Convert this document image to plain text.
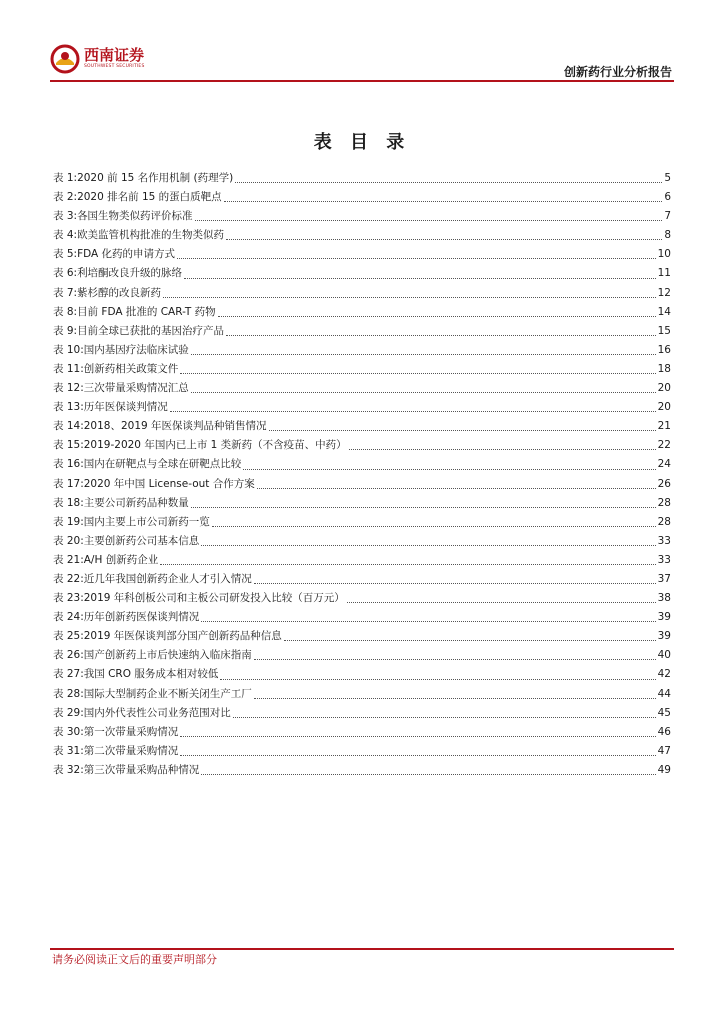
西南证券
SOUTHWEST SECURITIES	创新药行业分析报告
表 目 录
表 1: 2020 前 15 名作用机制 (药理学)	5
表 2: 2020 排名前 15 的蛋白质靶点	6
表 3: 各国生物类似药评价标准	7
表 4: 欧美监管机构批准的生物类似药	8
表 5: FDA 化药的申请方式	10
表 6: 利培酮改良升级的脉络	11
表 7: 紫杉醇的改良新药	12
表 8: 目前 FDA 批准的 CAR-T 药物	14
表 9: 目前全球已获批的基因治疗产品	15
表 10: 国内基因疗法临床试验	16
表 11: 创新药相关政策文件	18
表 12: 三次带量采购情况汇总	20
表 13: 历年医保谈判情况	20
表 14: 2018、2019 年医保谈判品种销售情况	21
表 15: 2019-2020 年国内已上市 1 类新药（不含疫苗、中药）	22
表 16: 国内在研靶点与全球在研靶点比较	24
表 17: 2020 年中国 License-out 合作方案	26
表 18: 主要公司新药品种数量	28
表 19: 国内主要上市公司新药一览	28
表 20: 主要创新药公司基本信息	33
表 21: A/H 创新药企业	33
表 22: 近几年我国创新药企业人才引入情况	37
表 23: 2019 年科创板公司和主板公司研发投入比较（百万元）	38
表 24: 历年创新药医保谈判情况	39
表 25: 2019 年医保谈判部分国产创新药品种信息	39
表 26: 国产创新药上市后快速纳入临床指南	40
表 27: 我国 CRO 服务成本相对较低	42
表 28: 国际大型制药企业不断关闭生产工厂	44
表 29: 国内外代表性公司业务范围对比	45
表 30: 第一次带量采购情况	46
表 31: 第二次带量采购情况	47
表 32: 第三次带量采购品种情况	49
请务必阅读正文后的重要声明部分
